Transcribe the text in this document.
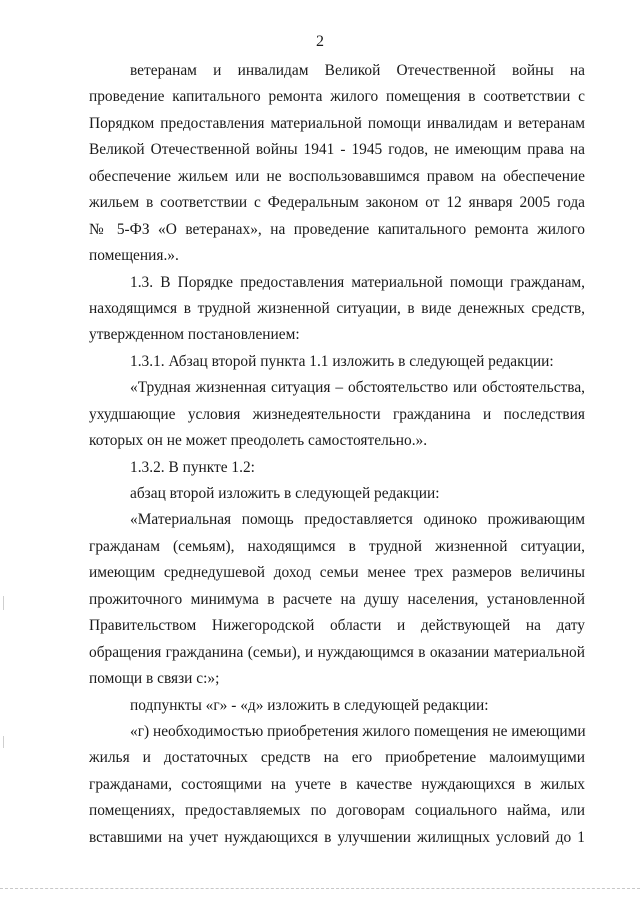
2
ветеранам и инвалидам Великой Отечественной войны на
проведение капитального ремонта жилого помещения в соответствии с
Порядком предоставления материальной помощи инвалидам и ветеранам
Великой Отечественной войны 1941 - 1945 годов, не имеющим права на
обеспечение жильем или не воспользовавшимся правом на обеспечение
жильем в соответствии с Федеральным законом от 12 января 2005 года
№ 5-ФЗ «О ветеранах», на проведение капитального ремонта жилого
помещения.».
1.3. В Порядке предоставления материальной помощи гражданам,
находящимся в трудной жизненной ситуации, в виде денежных средств,
утвержденном постановлением:
1.3.1. Абзац второй пункта 1.1 изложить в следующей редакции:
«Трудная жизненная ситуация – обстоятельство или обстоятельства,
ухудшающие условия жизнедеятельности гражданина и последствия
которых он не может преодолеть самостоятельно.».
1.3.2. В пункте 1.2:
абзац второй изложить в следующей редакции:
«Материальная помощь предоставляется одиноко проживающим
гражданам (семьям), находящимся в трудной жизненной ситуации,
имеющим среднедушевой доход семьи менее трех размеров величины
прожиточного минимума в расчете на душу населения, установленной
Правительством Нижегородской области и действующей на дату
обращения гражданина (семьи), и нуждающимся в оказании материальной
помощи в связи с:»;
подпункты «г» - «д» изложить в следующей редакции:
«г) необходимостью приобретения жилого помещения не имеющими
жилья и достаточных средств на его приобретение малоимущими
гражданами, состоящими на учете в качестве нуждающихся в жилых
помещениях, предоставляемых по договорам социального найма, или
вставшими на учет нуждающихся в улучшении жилищных условий до 1
